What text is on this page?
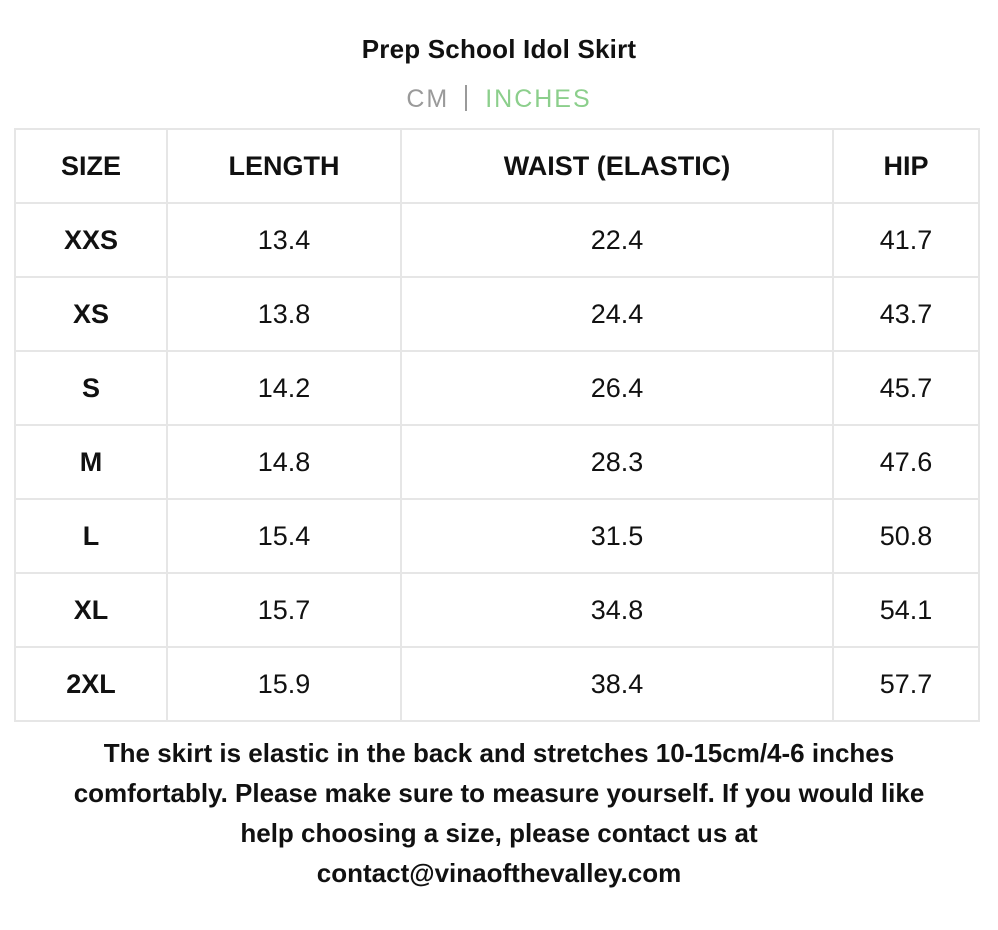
Prep School Idol Skirt
CM INCHES
SIZE	LENGTH	WAIST (ELASTIC)	HIP
XXS	13.4	22.4	41.7
XS	13.8	24.4	43.7
S	14.2	26.4	45.7
M	14.8	28.3	47.6
L	15.4	31.5	50.8
XL	15.7	34.8	54.1
2XL	15.9	38.4	57.7
The skirt is elastic in the back and stretches 10-15cm/4-6 inches
comfortably. Please make sure to measure yourself. If you would like
help choosing a size, please contact us at
contact@vinaofthevalley.com
